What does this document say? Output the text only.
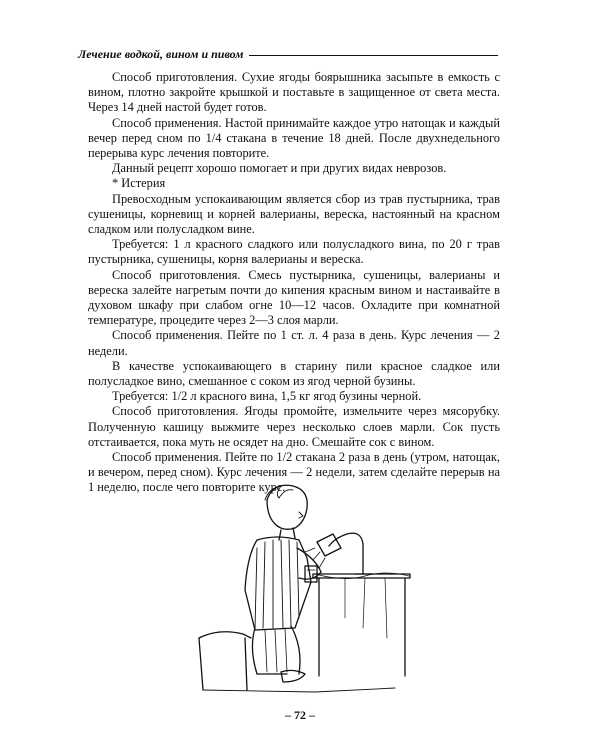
Лечение водкой, вином и пивом

Способ приготовления. Сухие ягоды боярышника засыпьте в емкость с вином, плотно закройте крышкой и поставьте в защищенное от света места. Через 14 дней настой будет готов.

Способ применения. Настой принимайте каждое утро натощак и каждый вечер перед сном по 1/4 стакана в течение 18 дней. После двухнедельного перерыва курс лечения повторите.

Данный рецепт хорошо помогает и при других видах неврозов.

* Истерия

Превосходным успокаивающим является сбор из трав пустырника, трав сушеницы, корневищ и корней валерианы, вереска, настоянный на красном сладком или полусладком вине.

Требуется: 1 л красного сладкого или полусладкого вина, по 20 г трав пустырника, сушеницы, корня валерианы и вереска.

Способ приготовления. Смесь пустырника, сушеницы, валерианы и вереска залейте нагретым почти до кипения красным вином и настаивайте в духовом шкафу при слабом огне 10—12 часов. Охладите при комнатной температуре, процедите через 2—3 слоя марли.

Способ применения. Пейте по 1 ст. л. 4 раза в день. Курс лечения — 2 недели.

В качестве успокаивающего в старину пили красное сладкое или полусладкое вино, смешанное с соком из ягод черной бузины.

Требуется: 1/2 л красного вина, 1,5 кг ягод бузины черной.

Способ приготовления. Ягоды промойте, измельчите через мясорубку. Полученную кашицу выжмите через несколько слоев марли. Сок пусть отстаивается, пока муть не осядет на дно. Смешайте сок с вином.

Способ применения. Пейте по 1/2 стакана 2 раза в день (утром, натощак, и вечером, перед сном). Курс лечения — 2 недели, затем сделайте перерыв на 1 неделю, после чего повторите курс.

– 72 –
